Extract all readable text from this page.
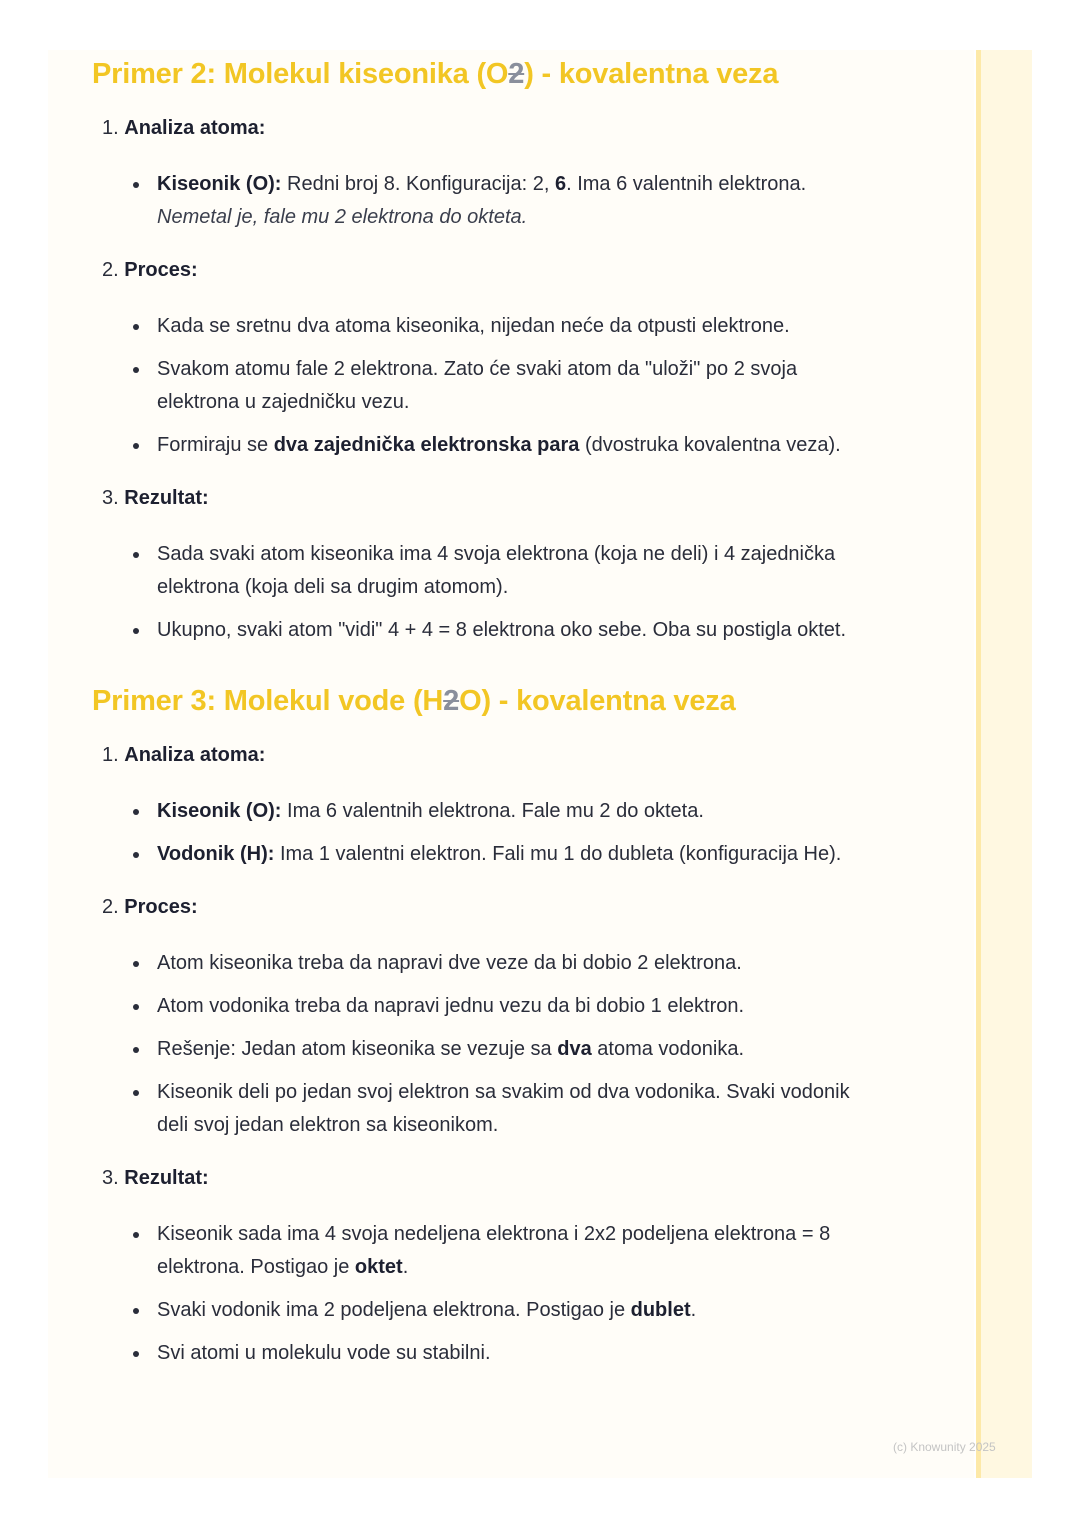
Primer 2: Molekul kiseonika (O2) - kovalentna veza

1. Analiza atoma:

Kiseonik (O): Redni broj 8. Konfiguracija: 2, 6. Ima 6 valentnih elektrona. Nemetal je, fale mu 2 elektrona do okteta.

2. Proces:

Kada se sretnu dva atoma kiseonika, nijedan neće da otpusti elektrone.
Svakom atomu fale 2 elektrona. Zato će svaki atom da "uloži" po 2 svoja elektrona u zajedničku vezu.
Formiraju se dva zajednička elektronska para (dvostruka kovalentna veza).

3. Rezultat:

Sada svaki atom kiseonika ima 4 svoja elektrona (koja ne deli) i 4 zajednička elektrona (koja deli sa drugim atomom).
Ukupno, svaki atom "vidi" 4 + 4 = 8 elektrona oko sebe. Oba su postigla oktet.
Primer 3: Molekul vode (H2O) - kovalentna veza

1. Analiza atoma:

Kiseonik (O): Ima 6 valentnih elektrona. Fale mu 2 do okteta.
Vodonik (H): Ima 1 valentni elektron. Fali mu 1 do dubleta (konfiguracija He).

2. Proces:

Atom kiseonika treba da napravi dve veze da bi dobio 2 elektrona.
Atom vodonika treba da napravi jednu vezu da bi dobio 1 elektron.
Rešenje: Jedan atom kiseonika se vezuje sa dva atoma vodonika.
Kiseonik deli po jedan svoj elektron sa svakim od dva vodonika. Svaki vodonik deli svoj jedan elektron sa kiseonikom.

3. Rezultat:

Kiseonik sada ima 4 svoja nedeljena elektrona i 2x2 podeljena elektrona = 8 elektrona. Postigao je oktet.
Svaki vodonik ima 2 podeljena elektrona. Postigao je dublet.
Svi atomi u molekulu vode su stabilni.
(c) Knowunity 2025
